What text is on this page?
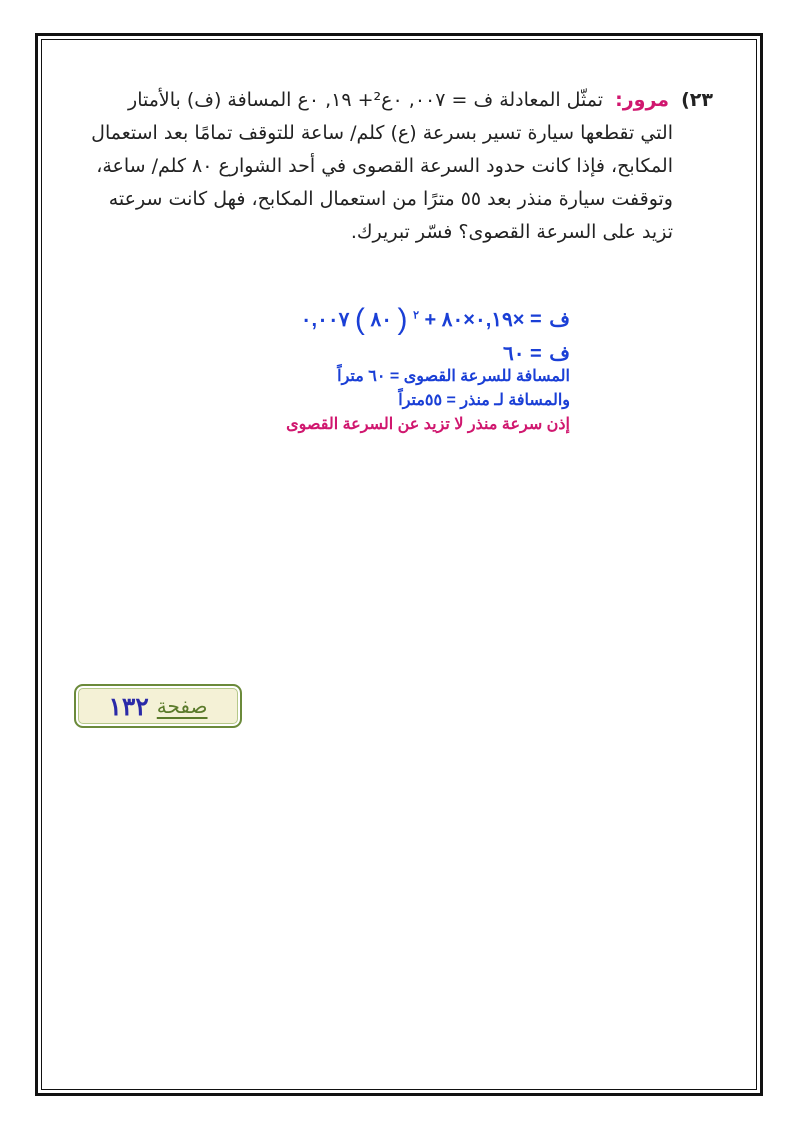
٢٣) مرور: تمثّل المعادلة ف = ٠٠٧, ٠ع²+ ١٩, ٠ع المسافة (ف) بالأمتار
التي تقطعها سيارة تسير بسرعة (ع) كلم/ ساعة للتوقف تمامًا بعد استعمال
المكابح، فإذا كانت حدود السرعة القصوى في أحد الشوارع ٨٠ كلم/ ساعة،
وتوقفت سيارة منذر بعد ٥٥ مترًا من استعمال المكابح، فهل كانت سرعته
تزيد على السرعة القصوى؟ فسّر تبريرك.
ف = ٠,١٩×٨٠ + $^٢$ ( ٨٠ ) ٠,٠٠٧×
ف = ٦٠
المسافة للسرعة القصوى = ٦٠ متراً
والمسافة لـ منذر = ٥٥متراً
إذن سرعة منذر لا تزيد عن السرعة القصوى
صفحة
١٣٢
